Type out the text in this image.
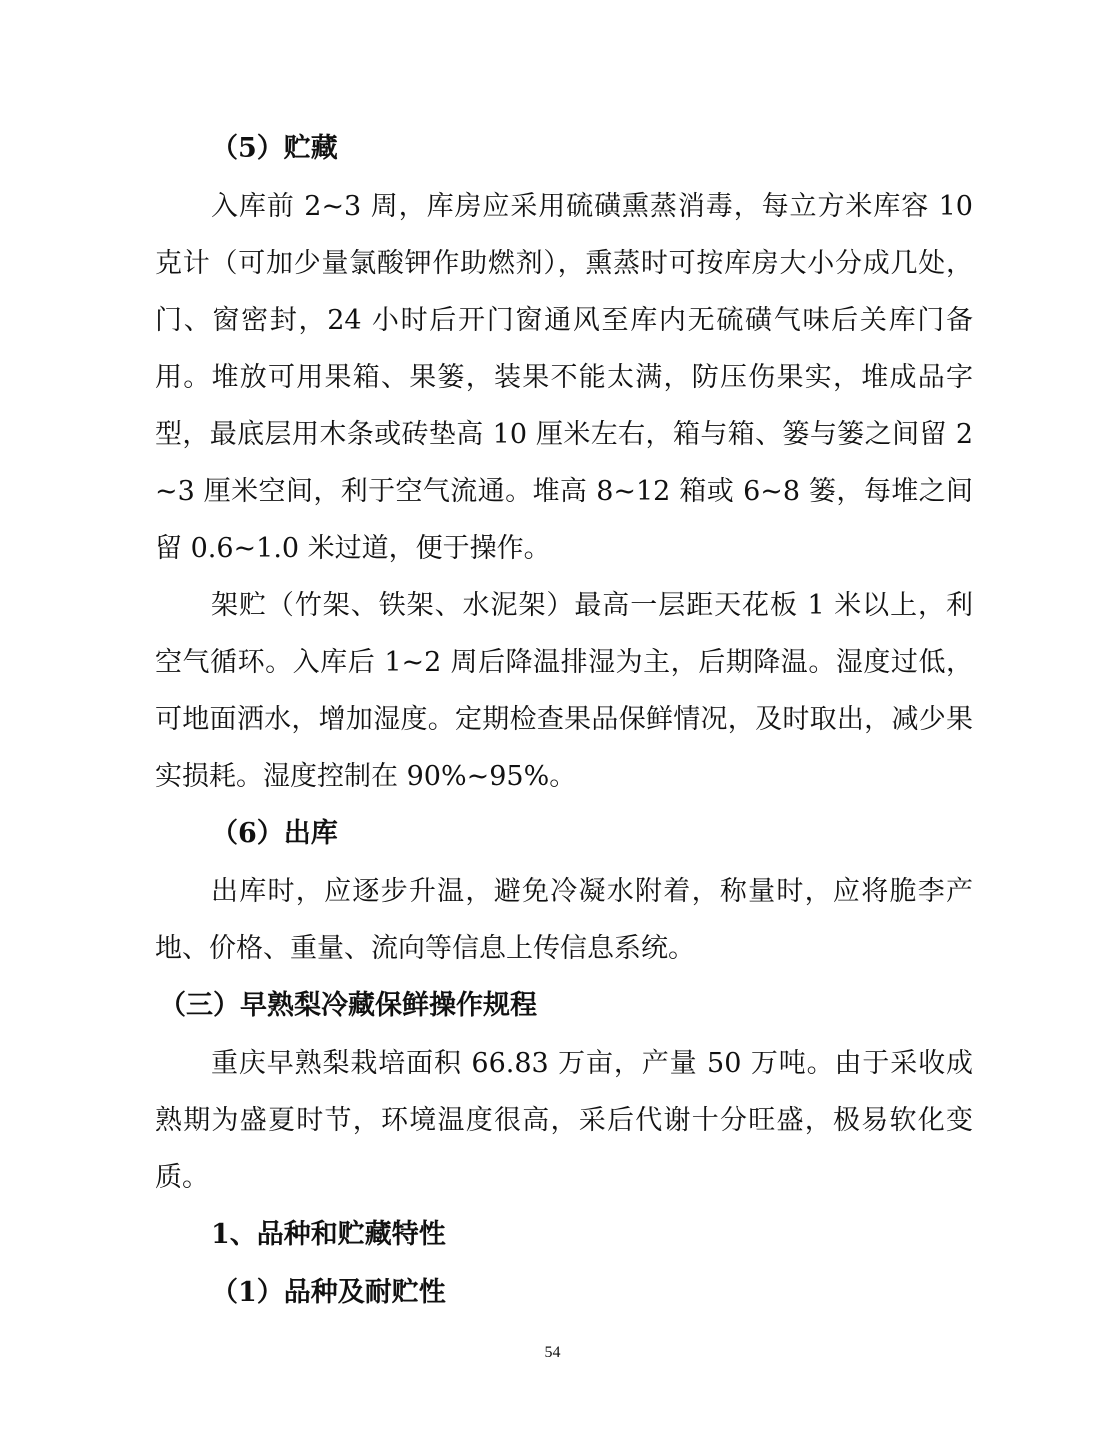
（5）贮藏

入库前 2~3 周，库房应采用硫磺熏蒸消毒，每立方米库容 10 克计（可加少量氯酸钾作助燃剂），熏蒸时可按库房大小分成几处，门、窗密封，24 小时后开门窗通风至库内无硫磺气味后关库门备用。堆放可用果箱、果篓，装果不能太满，防压伤果实，堆成品字型，最底层用木条或砖垫高 10 厘米左右，箱与箱、篓与篓之间留 2~3 厘米空间，利于空气流通。堆高 8~12 箱或 6~8 篓，每堆之间留 0.6~1.0 米过道，便于操作。

架贮（竹架、铁架、水泥架）最高一层距天花板 1 米以上，利空气循环。入库后 1~2 周后降温排湿为主，后期降温。湿度过低，可地面洒水，增加湿度。定期检查果品保鲜情况，及时取出，减少果实损耗。湿度控制在 90%~95%。

（6）出库

出库时，应逐步升温，避免冷凝水附着，称量时，应将脆李产地、价格、重量、流向等信息上传信息系统。

（三）早熟梨冷藏保鲜操作规程

重庆早熟梨栽培面积 66.83 万亩，产量 50 万吨。由于采收成熟期为盛夏时节，环境温度很高，采后代谢十分旺盛，极易软化变质。

1、品种和贮藏特性
（1）品种及耐贮性
54
